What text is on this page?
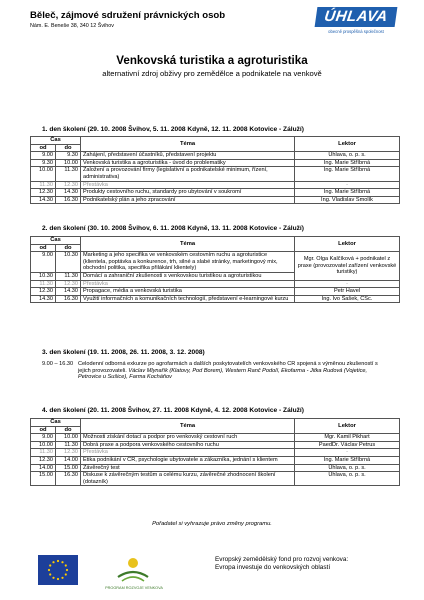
Běleč, zájmové sdružení právnických osob
Nám. E. Beneše 38, 340 12 Švihov
ÚHLAVA
obecně prospěšná společnost
Venkovská turistika a agroturistika
alternativní zdroj obživy pro zemědělce a podnikatele na venkově
1. den školení (29. 10. 2008 Švihov, 5. 11. 2008 Kdyně, 12. 11. 2008 Kotovice - Záluží)
Čas		Téma	Lektor
od	do		
9.00	9.30	Zahájení, představení účastníků, představení projektu	Úhlava, o. p. s.
9.30	10.00	Venkovská turistika a agroturistika - úvod do problematiky	Ing. Marie Stříbrná
10.00	11.30	Založení a provozování firmy (legislativní a podnikatelské minimum, řízení, administrativa)	Ing. Marie Stříbrná
11.30	12.30	Přestávka	-
12.30	14.30	Produkty cestovního ruchu, standardy pro ubytování v soukromí	Ing. Marie Stříbrná
14.30	16.30	Podnikatelský plán a jeho zpracování	Ing. Vladislav Smolík
2. den školení (30. 10. 2008 Švihov, 6. 11. 2008 Kdyně, 13. 11. 2008 Kotovice - Záluží)
Čas		Téma	Lektor
od	do		
9.00	10.30	Marketing a jeho specifika ve venkovském cestovním ruchu a agroturistice (klientela, poptávka a konkurence, trh, silné a slabé stránky, marketingový mix, obchodní politika, specifika přilákání klientely)	Mgr. Olga Kalčíková + podnikatel z praxe (provozovatel zařízení venkovské turistiky)
10.30	11.30	Domácí a zahraniční zkušenosti s venkovskou turistikou a agroturistikou	
11.30	12.30	Přestávka	-
12.30	14.30	Propagace, média a venkovská turistika	Petr Havel
14.30	16.30	Využití informačních a komunikačních technologií, představení e-learningové kurzu	Ing. Ivo Šašek, CSc.
3. den školení (19. 11. 2008, 26. 11. 2008, 3. 12. 2008)
9.00 – 16.30 Celodenní odborná exkurze po agrofarmách a dalších poskytovatelích venkovského CR spojená s výměnou zkušeností s jejich provozovateli. Václav Mlynařík (Klatovy, Pod Borem), Western Ranč Podolí, Ekofarma - Jitka Rudová (Vojetice, Petrovice u Sušice), Farma Kocháňov
4. den školení (20. 11. 2008 Švihov, 27. 11. 2008 Kdyně, 4. 12. 2008 Kotovice - Záluží)
Čas		Téma	Lektor
od	do		
9.00	10.00	Možnosti získání dotací a podpor pro venkovský cestovní ruch	Mgr. Kamil Pikhart
10.00	11.30	Dobrá praxe a podpora venkovského cestovního ruchu	PaedDr. Václav Petrus
11.30	12.30	Přestávka	-
12.30	14.00	Etika podnikání v CR, psychologie ubytovatele a zákazníka, jednání s klientem	Ing. Marie Stříbrná
14.00	15.00	Závěrečný test	Úhlava, o. p. s.
15.00	16.30	Diskuse k závěrečným testům a celému kurzu, závěrečné zhodnocení školení (dotazník)	Úhlava, o. p. s.
Pořadatel si vyhrazuje právo změny programu.
PROGRAM ROZVOJE VENKOVA
Evropský zemědělský fond pro rozvoj venkova:
Evropa investuje do venkovských oblastí
